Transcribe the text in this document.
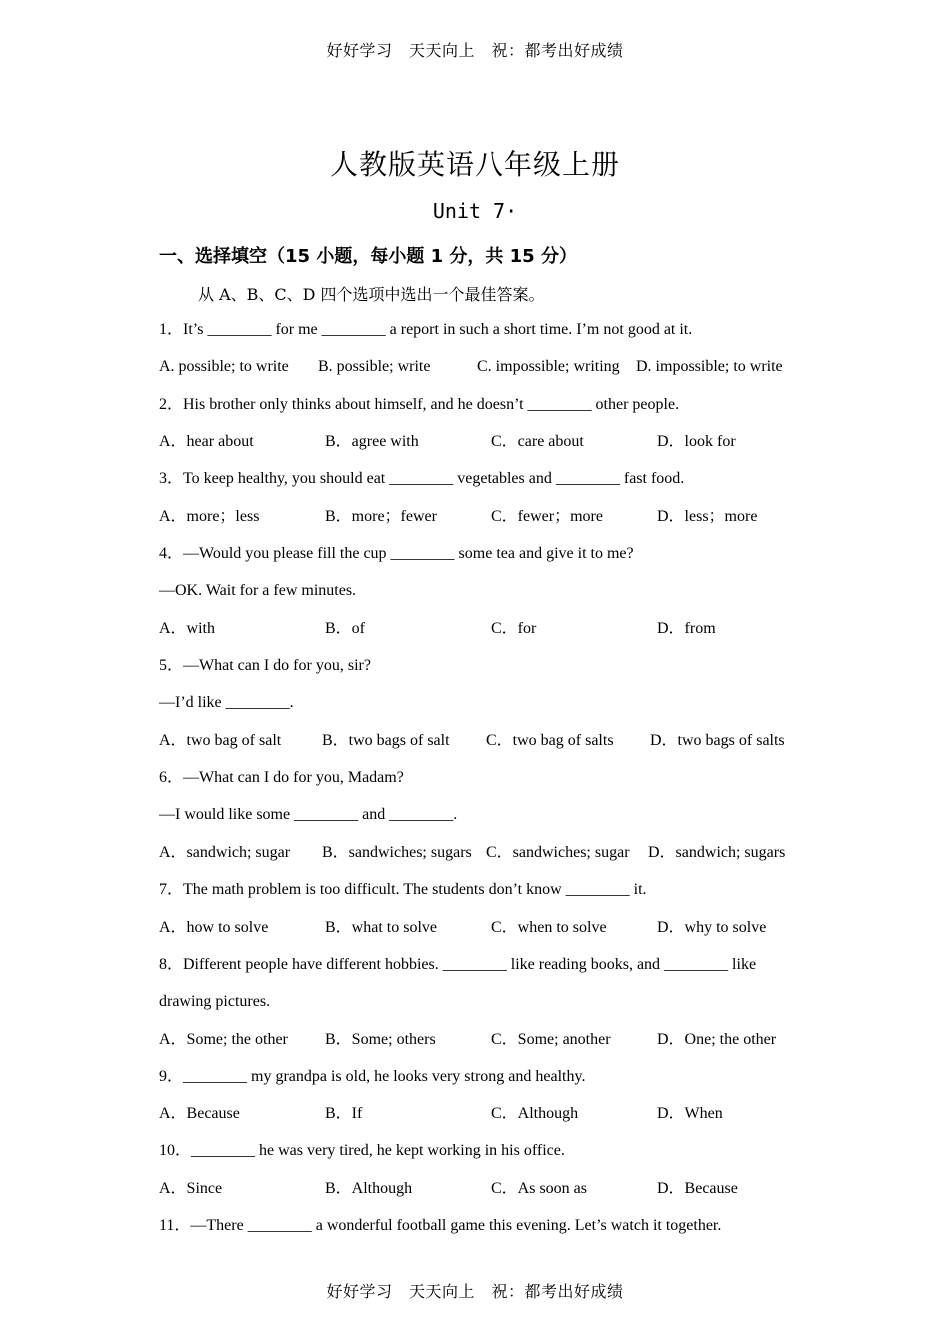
好好学习　天天向上　祝：都考出好成绩
人教版英语八年级上册
Unit 7·
一、选择填空（15 小题，每小题 1 分，共 15 分）
从 A、B、C、D 四个选项中选出一个最佳答案。
1．It’s ________ for me ________ a report in such a short time. I’m not good at it.
A. possible; to write B. possible; write	C. impossible; writing D. impossible; to write
2．His brother only thinks about himself, and he doesn’t ________ other people.
A．hear about	B．agree with	C．care about	D．look for
3．To keep healthy, you should eat ________ vegetables and ________ fast food.
A．more；less	B．more；fewer	C．fewer；more	D．less；more
4．—Would you please fill the cup ________ some tea and give it to me?
—OK. Wait for a few minutes.
A．with	B．of	C．for	D．from
5．—What can I do for you, sir?
—I’d like ________.
A．two bag of salt	B．two bags of salt C．two bag of salts D．two bags of salts
6．—What can I do for you, Madam?
—I would like some ________ and ________.
A．sandwich; sugar B．sandwiches; sugars C．sandwiches; sugar D．sandwich; sugars
7．The math problem is too difficult. The students don’t know ________ it.
A．how to solve	B．what to solve	C．when to solve	D．why to solve
8．Different people have different hobbies. ________ like reading books, and ________ like
drawing pictures.
A．Some; the other B．Some; others	C．Some; another	D．One; the other
9．________ my grandpa is old, he looks very strong and healthy.
A．Because	B．If	C．Although	D．When
10．________ he was very tired, he kept working in his office.
A．Since	B．Although	C．As soon as	D．Because
11．—There ________ a wonderful football game this evening. Let’s watch it together.
好好学习　天天向上　祝：都考出好成绩
